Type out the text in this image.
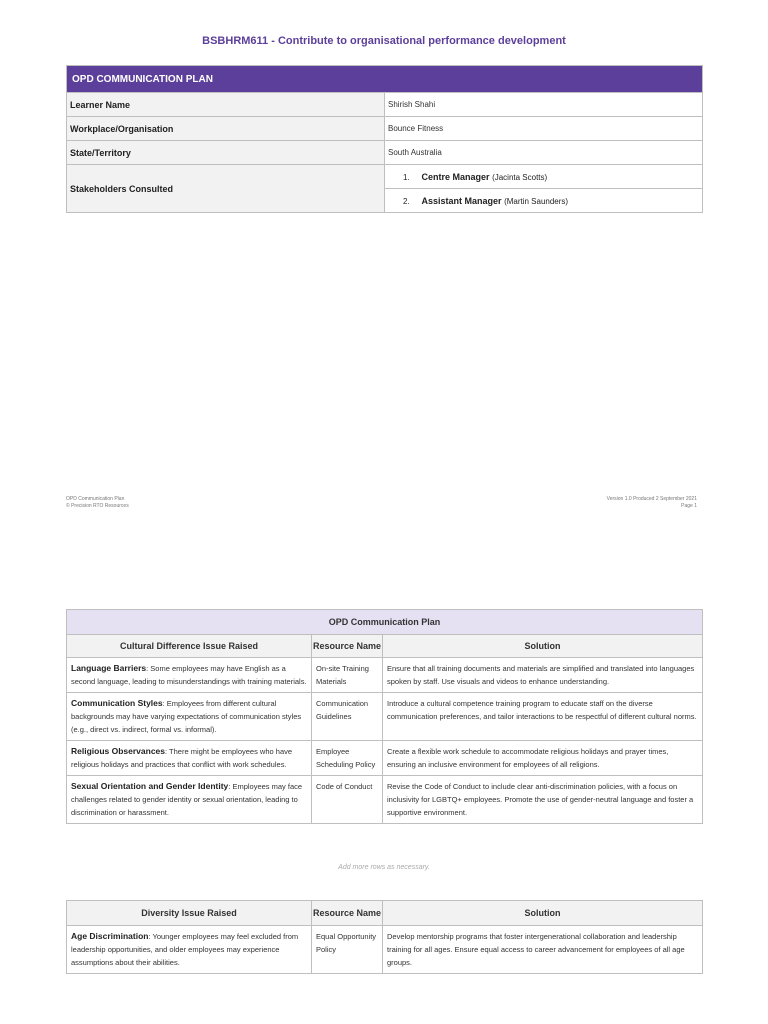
BSBHRM611 - Contribute to organisational performance development
OPD COMMUNICATION PLAN	
Learner Name	Shirish Shahi
Workplace/Organisation	Bounce Fitness
State/Territory	South Australia
Stakeholders Consulted	1. Centre Manager (Jacinta Scotts)
	2. Assistant Manager (Martin Saunders)
OPD Communication Plan
© Precision RTO Resources
Version 1.0 Produced 2 September 2021
Page 1
OPD Communication Plan		
Cultural Difference Issue Raised	Resource Name	Solution
Language Barriers: Some employees may have English as a second language, leading to misunderstandings with training materials.	On-site Training Materials	Ensure that all training documents and materials are simplified and translated into languages spoken by staff. Use visuals and videos to enhance understanding.
Communication Styles: Employees from different cultural backgrounds may have varying expectations of communication styles (e.g., direct vs. indirect, formal vs. informal).	Communication Guidelines	Introduce a cultural competence training program to educate staff on the diverse communication preferences, and tailor interactions to be respectful of different cultural norms.
Religious Observances: There might be employees who have religious holidays and practices that conflict with work schedules.	Employee Scheduling Policy	Create a flexible work schedule to accommodate religious holidays and prayer times, ensuring an inclusive environment for employees of all religions.
Sexual Orientation and Gender Identity: Employees may face challenges related to gender identity or sexual orientation, leading to discrimination or harassment.	Code of Conduct	Revise the Code of Conduct to include clear anti-discrimination policies, with a focus on inclusivity for LGBTQ+ employees. Promote the use of gender-neutral language and foster a supportive environment.
Add more rows as necessary.
Diversity Issue Raised	Resource Name	Solution
Age Discrimination: Younger employees may feel excluded from leadership opportunities, and older employees may experience assumptions about their abilities.	Equal Opportunity Policy	Develop mentorship programs that foster intergenerational collaboration and leadership training for all ages. Ensure equal access to career advancement for employees of all age groups.
